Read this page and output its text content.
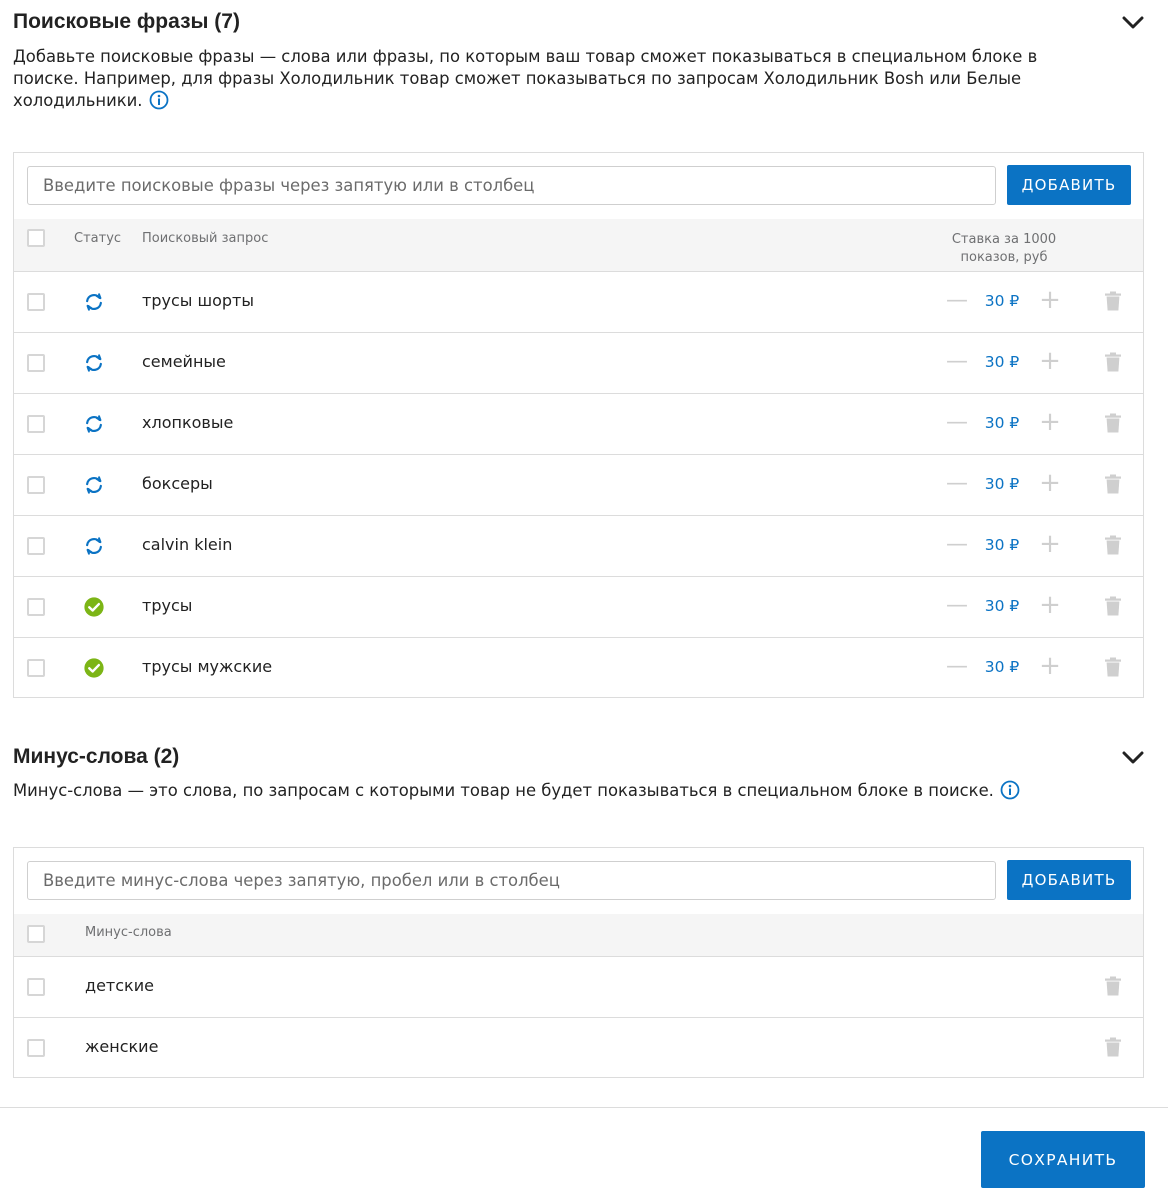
Поисковые фразы (7)
Добавьте поисковые фразы — слова или фразы, по которым ваш товар сможет показываться в специальном блоке в поиске. Например, для фразы Холодильник товар сможет показываться по запросам Холодильник Bosh или Белые холодильники.
Введите поисковые фразы через запятую или в столбец
ДОБАВИТЬ
Статус Поисковый запрос	Ставка за 1000 показов, руб
трусы шорты	—	30 ₽ +
семейные	—	30 ₽ +
хлопковые	—	30 ₽ +
боксеры	—	30 ₽ +
calvin klein	—	30 ₽ +
трусы	—	30 ₽ +
трусы мужские	—	30 ₽ +
Минус-слова (2)
Минус-слова — это слова, по запросам с которыми товар не будет показываться в специальном блоке в поиске.
Введите минус-слова через запятую, пробел или в столбец
ДОБАВИТЬ
Минус-слова
детские
женские
СОХРАНИТЬ
